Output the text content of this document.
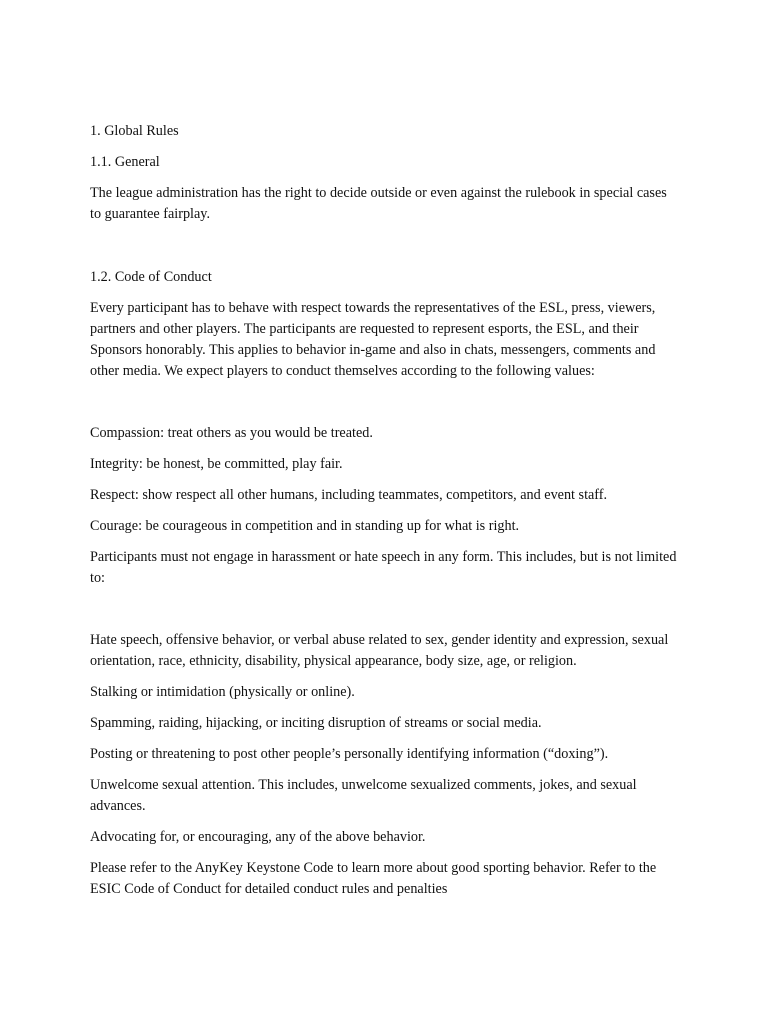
1. Global Rules

1.1. General

The league administration has the right to decide outside or even against the rulebook in special cases to guarantee fairplay.

1.2. Code of Conduct

Every participant has to behave with respect towards the representatives of the ESL, press, viewers, partners and other players. The participants are requested to represent esports, the ESL, and their Sponsors honorably. This applies to behavior in-game and also in chats, messengers, comments and other media. We expect players to conduct themselves according to the following values:

Compassion: treat others as you would be treated.

Integrity: be honest, be committed, play fair.

Respect: show respect all other humans, including teammates, competitors, and event staff.

Courage: be courageous in competition and in standing up for what is right.

Participants must not engage in harassment or hate speech in any form. This includes, but is not limited to:

Hate speech, offensive behavior, or verbal abuse related to sex, gender identity and expression, sexual orientation, race, ethnicity, disability, physical appearance, body size, age, or religion.

Stalking or intimidation (physically or online).

Spamming, raiding, hijacking, or inciting disruption of streams or social media.

Posting or threatening to post other people’s personally identifying information (“doxing”).

Unwelcome sexual attention. This includes, unwelcome sexualized comments, jokes, and sexual advances.

Advocating for, or encouraging, any of the above behavior.

Please refer to the AnyKey Keystone Code to learn more about good sporting behavior. Refer to the ESIC Code of Conduct for detailed conduct rules and penalties
